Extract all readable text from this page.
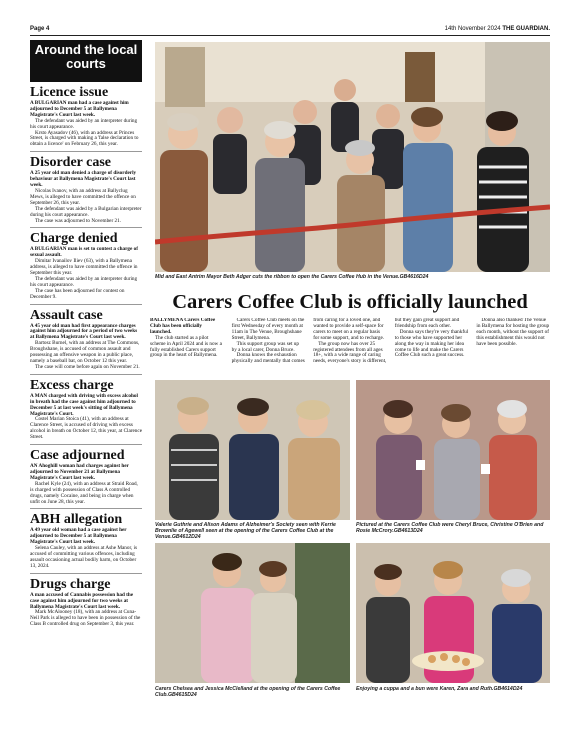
Page 4	14th November 2024 THE GUARDIAN.
Around the local courts
Licence issue

A BULGARIAN man had a case against him adjourned to December 5 at Ballymena Magistrate's Court last week.

The defendant was aided by an interpreter during his court appearance.

Krsto Ayasadov (46), with an address at Princes Street, is charged with making a 'false declaration to obtain a licence' on February 26, this year.

Disorder case

A 25 year old man denied a charge of disorderly behaviour at Ballymena Magistrate's Court last week.

Nicolas Ivanov, with an address at Ballyclug Mews, is alleged to have committed the offence on September 26, this year.

The defendant was aided by a Bulgarian interpreter during his court appearance.

The case was adjourned to November 21.

Charge denied

A BULGARIAN man is set to contest a charge of sexual assault.

Dimitar Ivanailov Iliev (63), with a Ballymena address, is alleged to have committed the offence in September this year.

The defendant was aided by an interpreter during his court appearance.

The case has been adjourned for contest on December 9.

Assault case

A 45 year old man had first appearance charges against him adjourned for a period of two weeks at Ballymena Magistrate's Court last week.

Bartosz Burnel, with an address at The Commons, Broughshane, is accused of common assault and possessing an offensive weapon in a public place, namely a baseball bat, on October 12 this year.

The case will come before again on November 21.

Excess charge

A MAN charged with driving with excess alcohol in breath had the case against him adjourned to December 5 at last week's sitting of Ballymena Magistrate's Court.

Costel Marian Stoica (41), with an address at Clarence Street, is accused of driving with excess alcohol in breath on October 12, this year, at Clarence Street.

Case adjourned

AN Ahoghill woman had charges against her adjourned to November 21 at Ballymena Magistrate's Court last week.

Rachel Kyle (24), with an address at Straid Road, is charged with possession of Class A controlled drugs, namely Cocaine, and being in charge when unfit on June 28, this year.

ABH allegation

A 49 year old woman had a case against her adjourned to December 5 at Ballymena Magistrate's Court last week.

Selena Cauley, with an address at Ashe Manor, is accused of committing various offences, including assault occasioning actual bodily harm, on October 13, 2024.

Drugs charge

A man accused of Cannabis possession had the case against him adjourned for two weeks at Ballymena Magistrate's Court last week.

Mark McAlooney (18), with an address at Cuna-Neil Park is alleged to have been in possession of the Class B controlled drug on September 3, this year.

Mid and East Antrim Mayor Beth Adger cuts the ribbon to open the Carers Coffee Hub in the Venue.GB4616D24
Carers Coffee Club is officially launched

BALLYMENA Carers Coffee Club has been officially launched.

The club started as a pilot scheme in April 2024 and is now a fully established Carers support group in the heart of Ballymena.

Carers Coffee Club meets on the first Wednesday of every month at 11am in The Venue, Broughshane Street, Ballymena.

This support group was set up by a local carer, Donna Bruce.

Donna knows the exhaustion physically and mentally that comes from caring for a loved one, and wanted to provide a self-space for carers to meet on a regular basis for some support, and to recharge.

The group now has over 25 registered attendees from all ages 18+, with a wide range of caring needs, everyone's story is different, but they gain great support and friendship from each other.

Donna says they're very thankful to those who have supported her along the way in making her idea come to life and make the Carers Coffee Club such a great success.

Donna also thanked The Venue in Ballymena for hosting the group each month, without the support of this establishment this would not have been possible.

Valerie Guthrie and Alison Adams of Alzheimer's Society seen with Kerrie Brownlie of Agewell seen at the opening of the Carers Coffee Club at the Venue.GB4612D24
Pictured at the Carers Coffee Club were Cheryl Bruce, Christine O'Brien and Rosie McCrory.GB4613D24
Carers Chelsea and Jessica McClelland at the opening of the Carers Coffee Club.GB4615D24
Enjoying a cuppa and a bun were Karen, Zara and Ruth.GB4614D24
